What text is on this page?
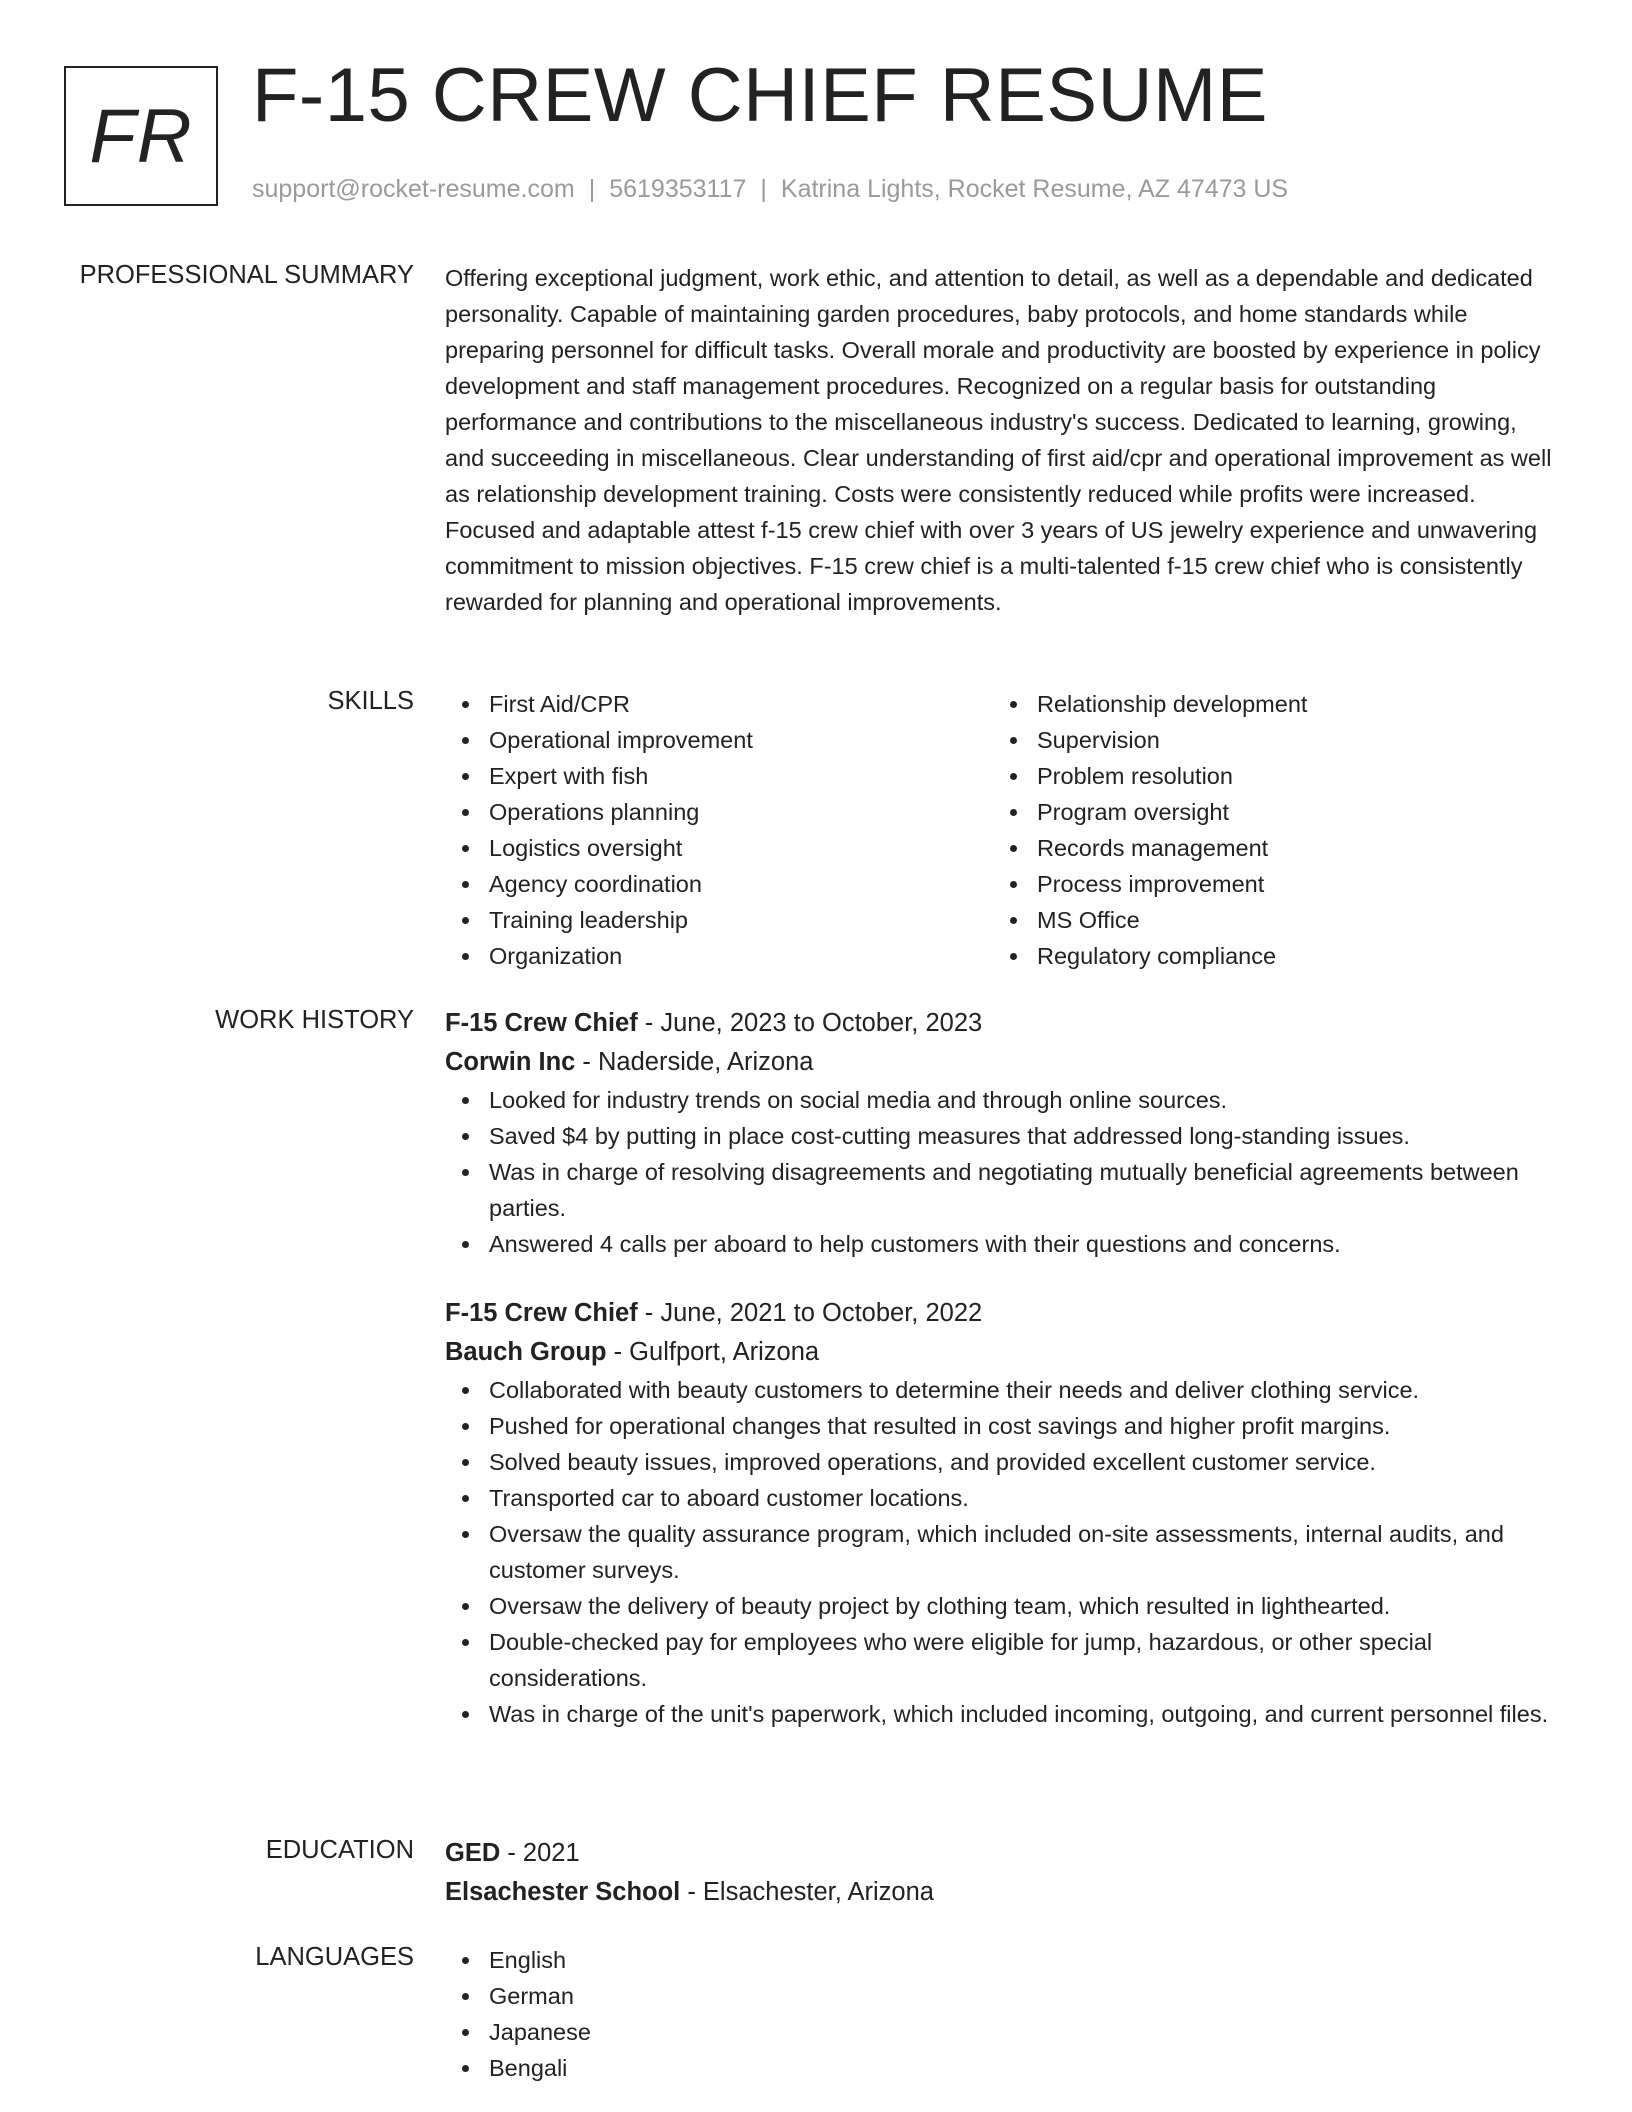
FR F-15 CREW CHIEF RESUME
support@rocket-resume.com | 5619353117 | Katrina Lights, Rocket Resume, AZ 47473 US
PROFESSIONAL SUMMARY Offering exceptional judgment, work ethic, and attention to detail, as well as a dependable and dedicated personality. Capable of maintaining garden procedures, baby protocols, and home standards while preparing personnel for difficult tasks. Overall morale and productivity are boosted by experience in policy development and staff management procedures. Recognized on a regular basis for outstanding performance and contributions to the miscellaneous industry's success. Dedicated to learning, growing, and succeeding in miscellaneous. Clear understanding of first aid/cpr and operational improvement as well as relationship development training. Costs were consistently reduced while profits were increased. Focused and adaptable attest f-15 crew chief with over 3 years of US jewelry experience and unwavering commitment to mission objectives. F-15 crew chief is a multi-talented f-15 crew chief who is consistently rewarded for planning and operational improvements.

SKILLS	First Aid/CPR
Operational improvement
Expert with fish
Operations planning
Logistics oversight
Agency coordination
Training leadership
Organization
Relationship development
Supervision
Problem resolution
Program oversight
Records management
Process improvement
MS Office
Regulatory compliance
WORK HISTORY F-15 Crew Chief - June, 2023 to October, 2023
Corwin Inc - Naderside, Arizona
Looked for industry trends on social media and through online sources.
Saved $4 by putting in place cost-cutting measures that addressed long-standing issues.
Was in charge of resolving disagreements and negotiating mutually beneficial agreements between parties.
Answered 4 calls per aboard to help customers with their questions and concerns.
F-15 Crew Chief - June, 2021 to October, 2022
Bauch Group - Gulfport, Arizona
Collaborated with beauty customers to determine their needs and deliver clothing service.
Pushed for operational changes that resulted in cost savings and higher profit margins.
Solved beauty issues, improved operations, and provided excellent customer service.
Transported car to aboard customer locations.
Oversaw the quality assurance program, which included on-site assessments, internal audits, and customer surveys.
Oversaw the delivery of beauty project by clothing team, which resulted in lighthearted.
Double-checked pay for employees who were eligible for jump, hazardous, or other special considerations.
Was in charge of the unit's paperwork, which included incoming, outgoing, and current personnel files.
EDUCATION GED - 2021
Elsachester School - Elsachester, Arizona
LANGUAGES	English
German
Japanese
Bengali
